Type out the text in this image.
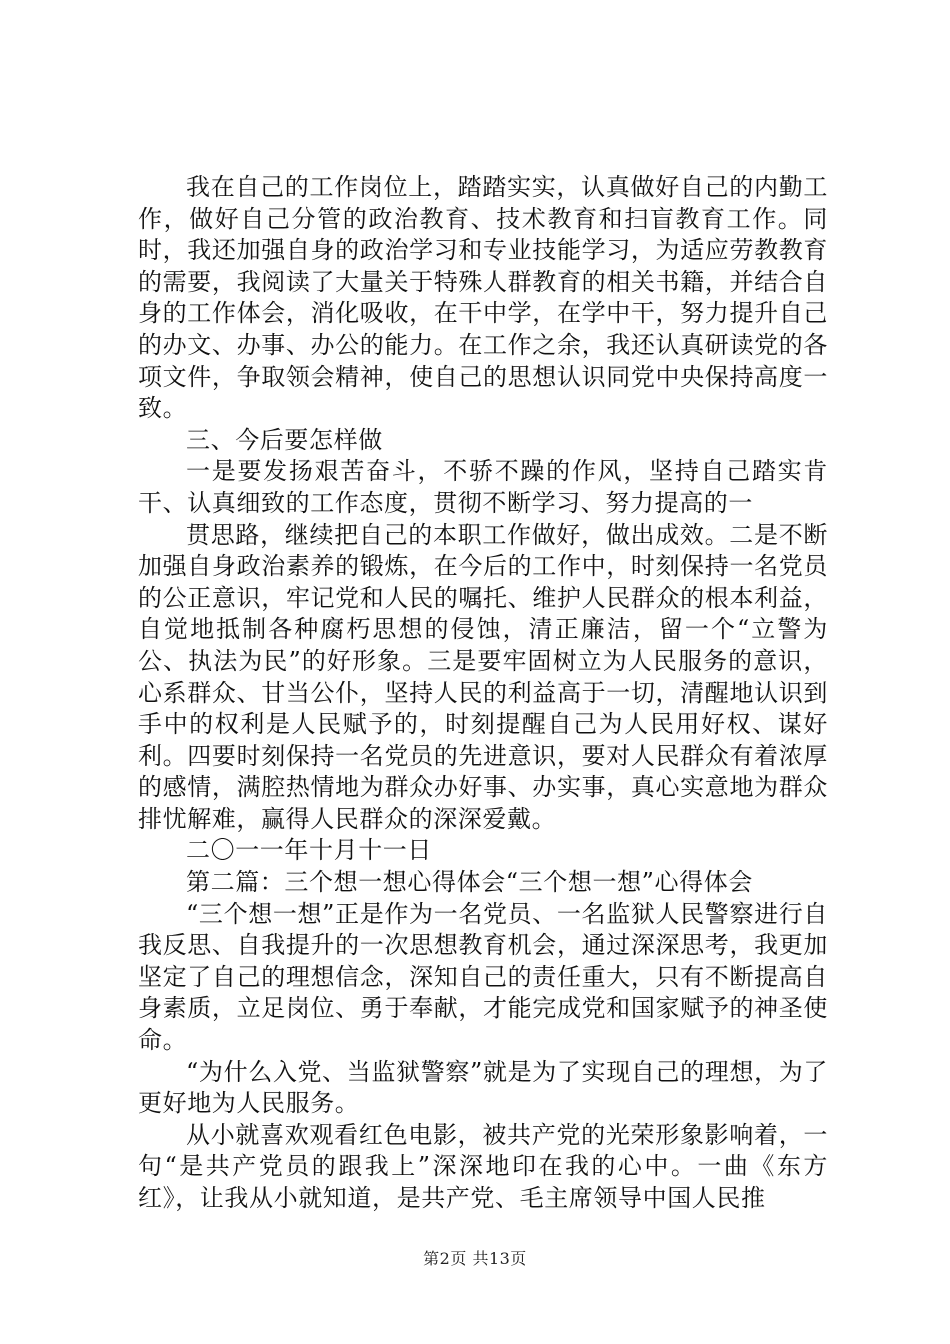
我在自己的工作岗位上，踏踏实实，认真做好自己的内勤工作，做好自己分管的政治教育、技术教育和扫盲教育工作。同时，我还加强自身的政治学习和专业技能学习，为适应劳教教育的需要，我阅读了大量关于特殊人群教育的相关书籍，并结合自身的工作体会，消化吸收，在干中学，在学中干，努力提升自己的办文、办事、办公的能力。在工作之余，我还认真研读党的各项文件，争取领会精神，使自己的思想认识同党中央保持高度一致。

三、今后要怎样做

一是要发扬艰苦奋斗，不骄不躁的作风，坚持自己踏实肯干、认真细致的工作态度，贯彻不断学习、努力提高的一

贯思路，继续把自己的本职工作做好，做出成效。二是不断加强自身政治素养的锻炼，在今后的工作中，时刻保持一名党员的公正意识，牢记党和人民的嘱托、维护人民群众的根本利益，自觉地抵制各种腐朽思想的侵蚀，清正廉洁，留一个“立警为公、执法为民”的好形象。三是要牢固树立为人民服务的意识，心系群众、甘当公仆，坚持人民的利益高于一切，清醒地认识到手中的权利是人民赋予的，时刻提醒自己为人民用好权、谋好利。四要时刻保持一名党员的先进意识，要对人民群众有着浓厚的感情，满腔热情地为群众办好事、办实事，真心实意地为群众排忧解难，赢得人民群众的深深爱戴。

二〇一一年十月十一日

第二篇：三个想一想心得体会“三个想一想”心得体会

“三个想一想”正是作为一名党员、一名监狱人民警察进行自我反思、自我提升的一次思想教育机会，通过深深思考，我更加坚定了自己的理想信念，深知自己的责任重大，只有不断提高自身素质，立足岗位、勇于奉献，才能完成党和国家赋予的神圣使命。

“为什么入党、当监狱警察”就是为了实现自己的理想，为了更好地为人民服务。

从小就喜欢观看红色电影，被共产党的光荣形象影响着，一句“是共产党员的跟我上”深深地印在我的心中。一曲《东方红》，让我从小就知道，是共产党、毛主席领导中国人民推

第2页 共13页
